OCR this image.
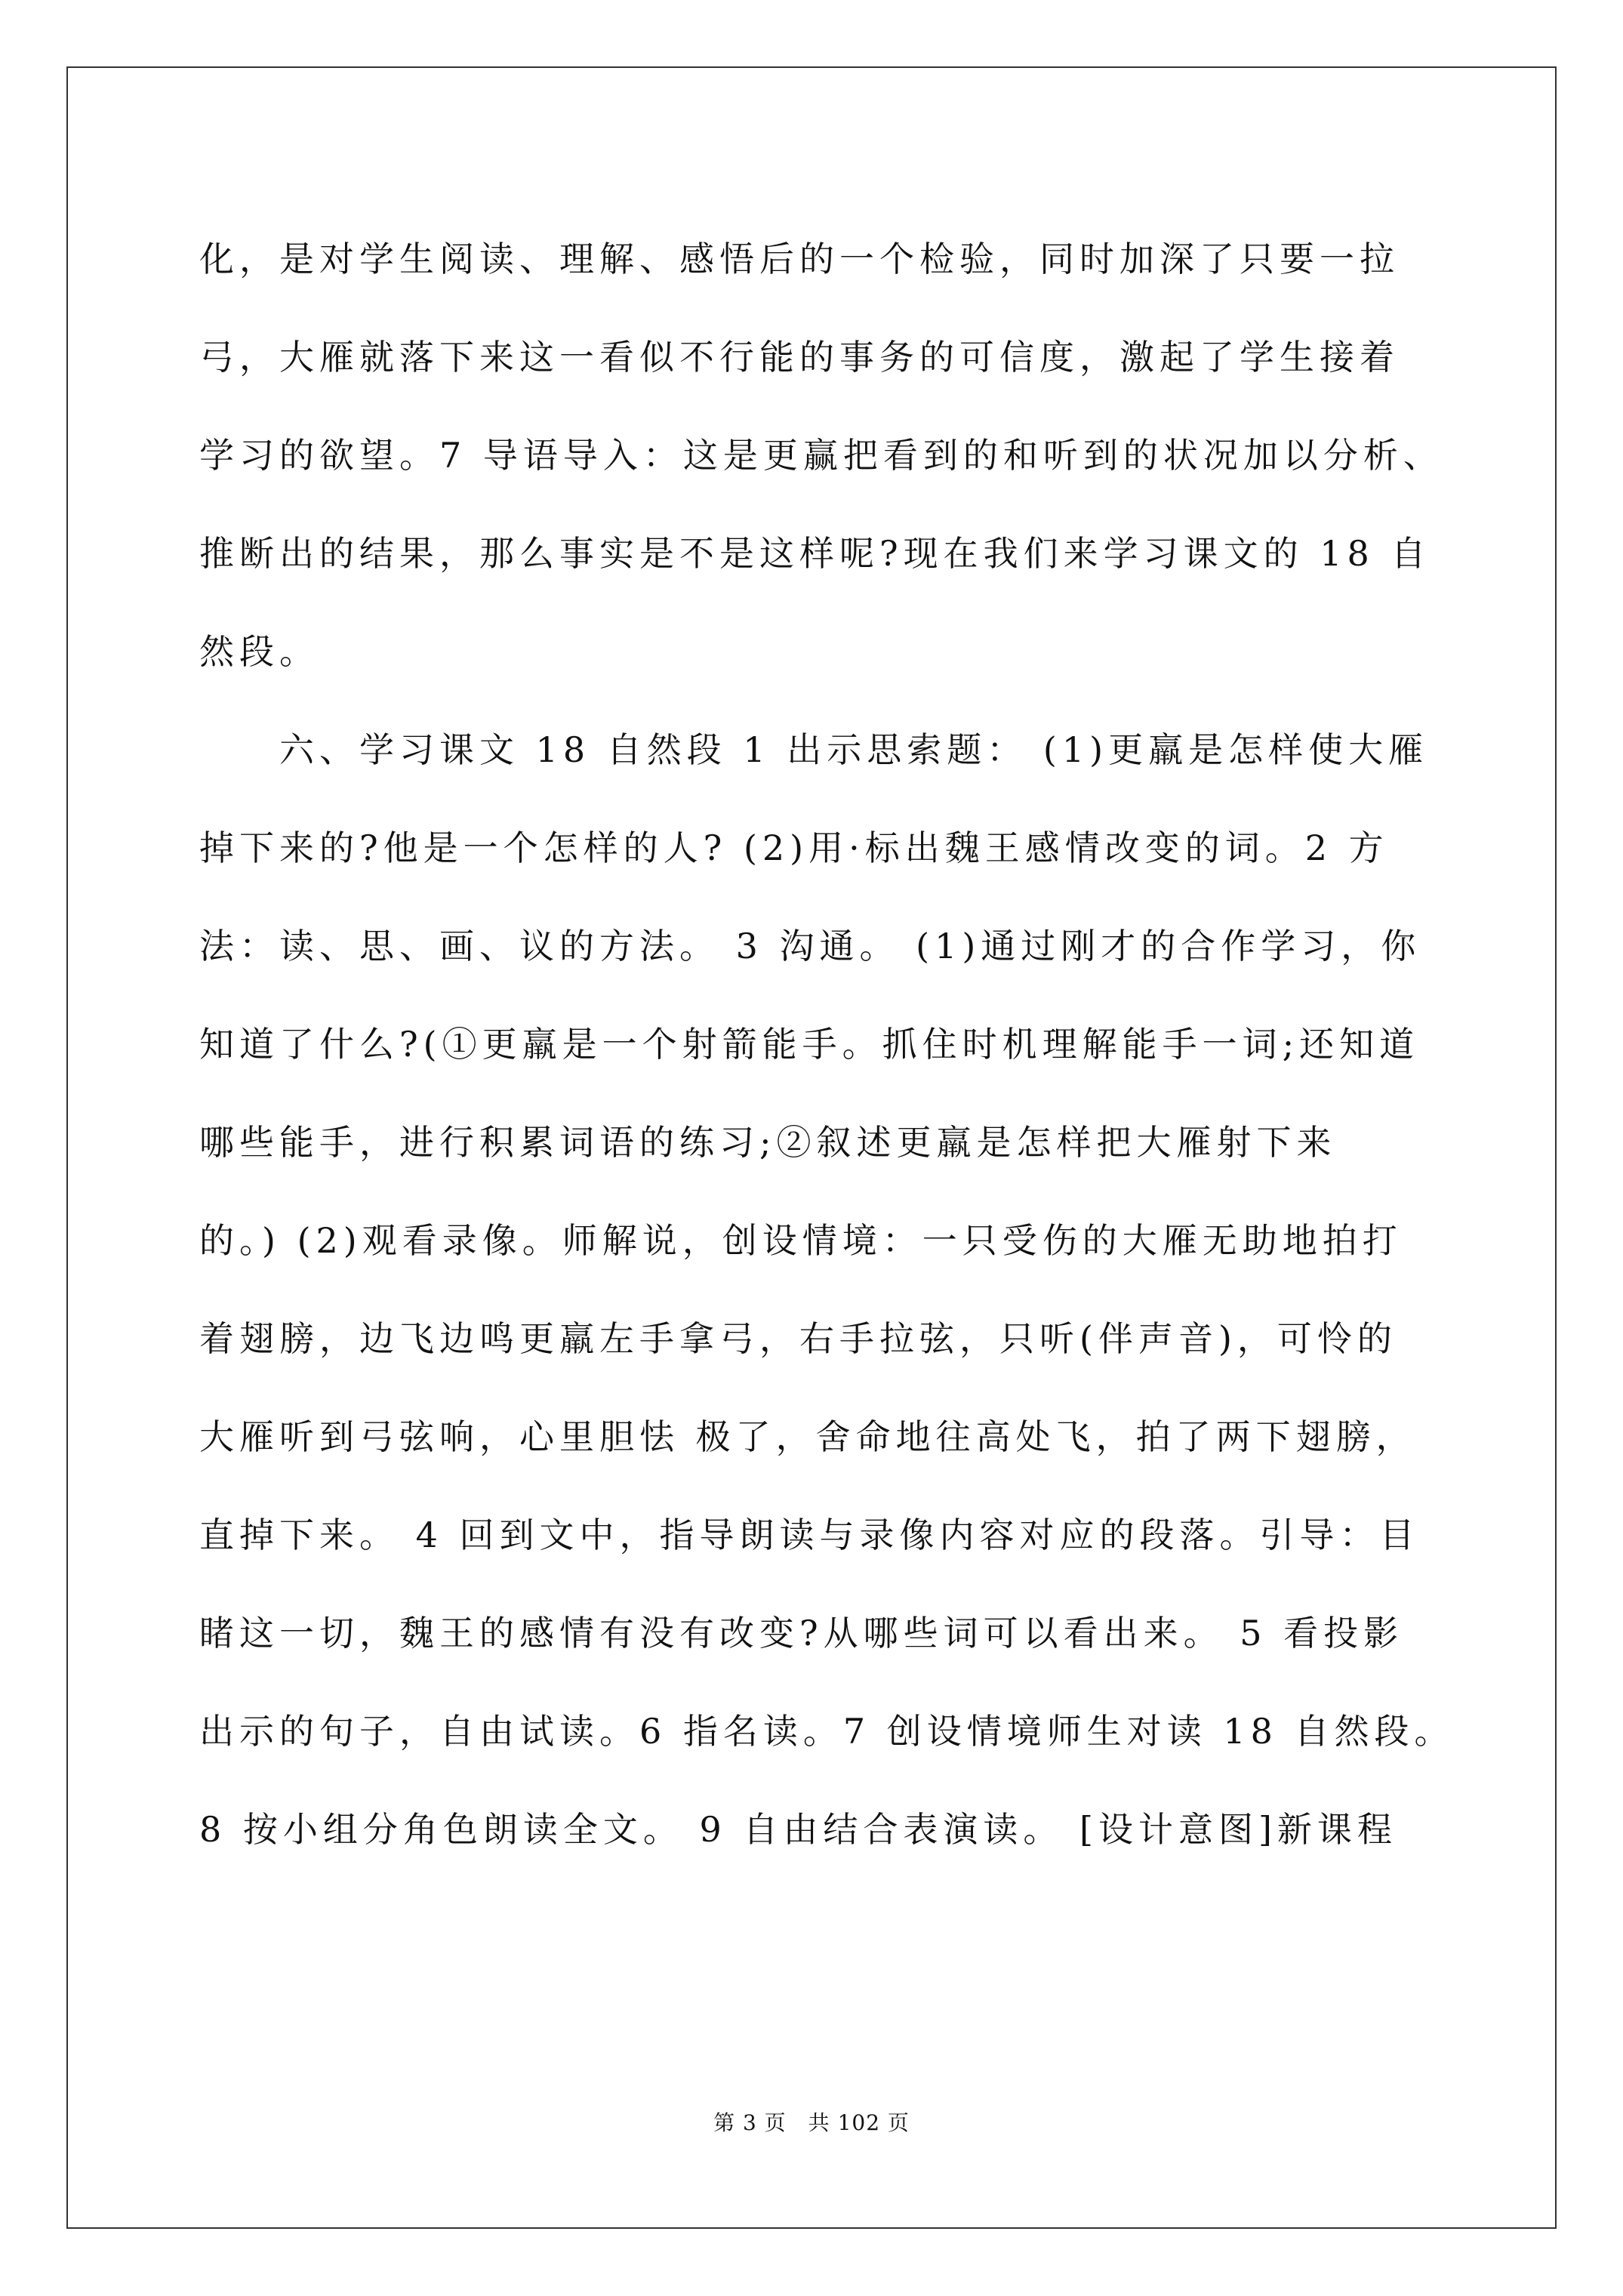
化，是对学生阅读、理解、感悟后的一个检验，同时加深了只要一拉
弓，大雁就落下来这一看似不行能的事务的可信度，激起了学生接着
学习的欲望。7 导语导入：这是更赢把看到的和听到的状况加以分析、
推断出的结果，那么事实是不是这样呢?现在我们来学习课文的 18 自
然段。
　　六、学习课文 18 自然段 1 出示思索题： (1)更羸是怎样使大雁
掉下来的?他是一个怎样的人? (2)用·标出魏王感情改变的词。2 方
法：读、思、画、议的方法。 3 沟通。 (1)通过刚才的合作学习，你
知道了什么?(①更羸是一个射箭能手。抓住时机理解能手一词;还知道
哪些能手，进行积累词语的练习;②叙述更羸是怎样把大雁射下来
的。) (2)观看录像。师解说，创设情境：一只受伤的大雁无助地拍打
着翅膀，边飞边鸣更羸左手拿弓，右手拉弦，只听(伴声音)，可怜的
大雁听到弓弦响，心里胆怯 极了，舍命地往高处飞，拍了两下翅膀，
直掉下来。 4 回到文中，指导朗读与录像内容对应的段落。引导：目
睹这一切，魏王的感情有没有改变?从哪些词可以看出来。 5 看投影
出示的句子，自由试读。6 指名读。7 创设情境师生对读 18 自然段。
8 按小组分角色朗读全文。 9 自由结合表演读。 [设计意图]新课程
第 3 页　共 102 页
